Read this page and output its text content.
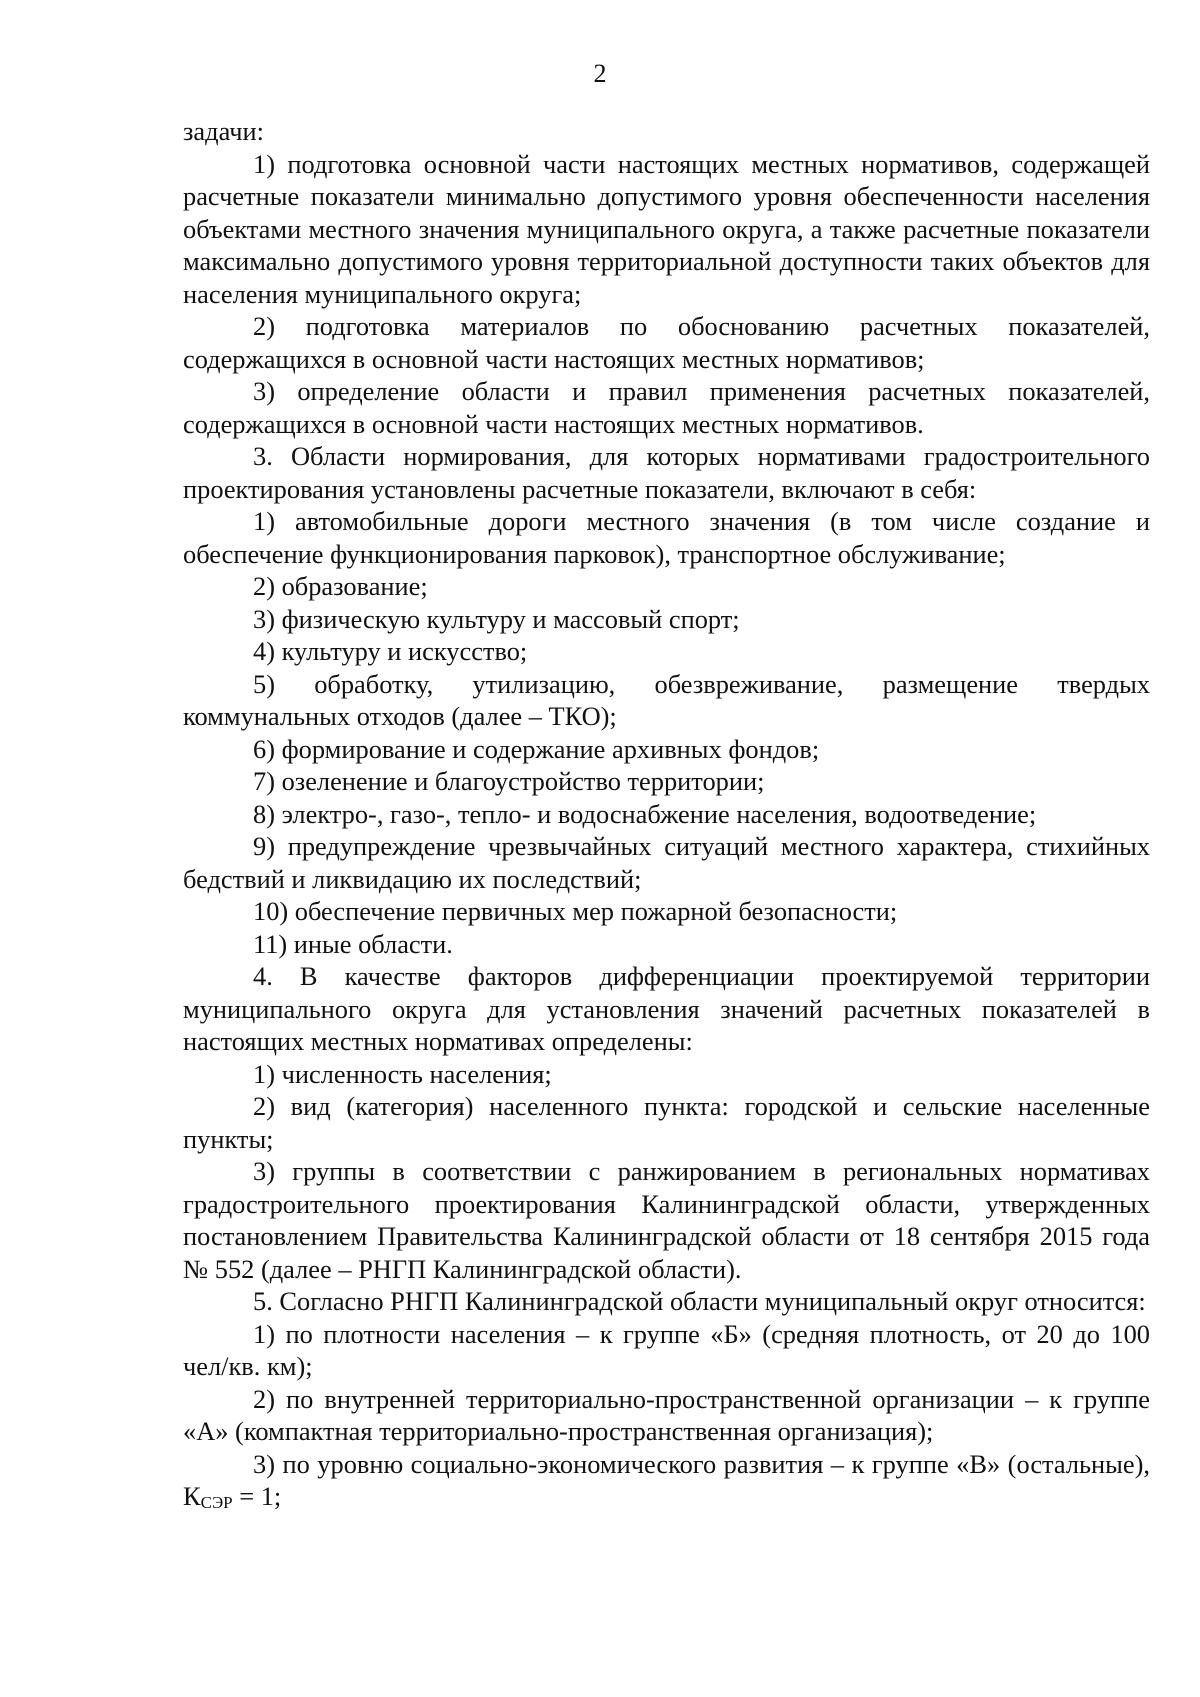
2

задачи:

1) подготовка основной части настоящих местных нормативов, содержащей расчетные показатели минимально допустимого уровня обеспеченности населения объектами местного значения муниципального округа, а также расчетные показатели максимально допустимого уровня территориальной доступности таких объектов для населения муниципального округа;

2) подготовка материалов по обоснованию расчетных показателей, содержащихся в основной части настоящих местных нормативов;

3) определение области и правил применения расчетных показателей, содержащихся в основной части настоящих местных нормативов.

3. Области нормирования, для которых нормативами градостроительного проектирования установлены расчетные показатели, включают в себя:

1) автомобильные дороги местного значения (в том числе создание и обеспечение функционирования парковок), транспортное обслуживание;

2) образование;

3) физическую культуру и массовый спорт;

4) культуру и искусство;

5) обработку, утилизацию, обезвреживание, размещение твердых коммунальных отходов (далее – ТКО);

6) формирование и содержание архивных фондов;

7) озеленение и благоустройство территории;

8) электро-, газо-, тепло- и водоснабжение населения, водоотведение;

9) предупреждение чрезвычайных ситуаций местного характера, стихийных бедствий и ликвидацию их последствий;

10) обеспечение первичных мер пожарной безопасности;

11) иные области.

4. В качестве факторов дифференциации проектируемой территории муниципального округа для установления значений расчетных показателей в настоящих местных нормативах определены:

1) численность населения;

2) вид (категория) населенного пункта: городской и сельские населенные пункты;

3) группы в соответствии с ранжированием в региональных нормативах градостроительного проектирования Калининградской области, утвержденных постановлением Правительства Калининградской области от 18 сентября 2015 года № 552 (далее – РНГП Калининградской области).

5. Согласно РНГП Калининградской области муниципальный округ относится:

1) по плотности населения – к группе «Б» (средняя плотность, от 20 до 100 чел/кв. км);

2) по внутренней территориально-пространственной организации – к группе «А» (компактная территориально-пространственная организация);

3) по уровню социально-экономического развития – к группе «В» (остальные), КСЭР = 1;
